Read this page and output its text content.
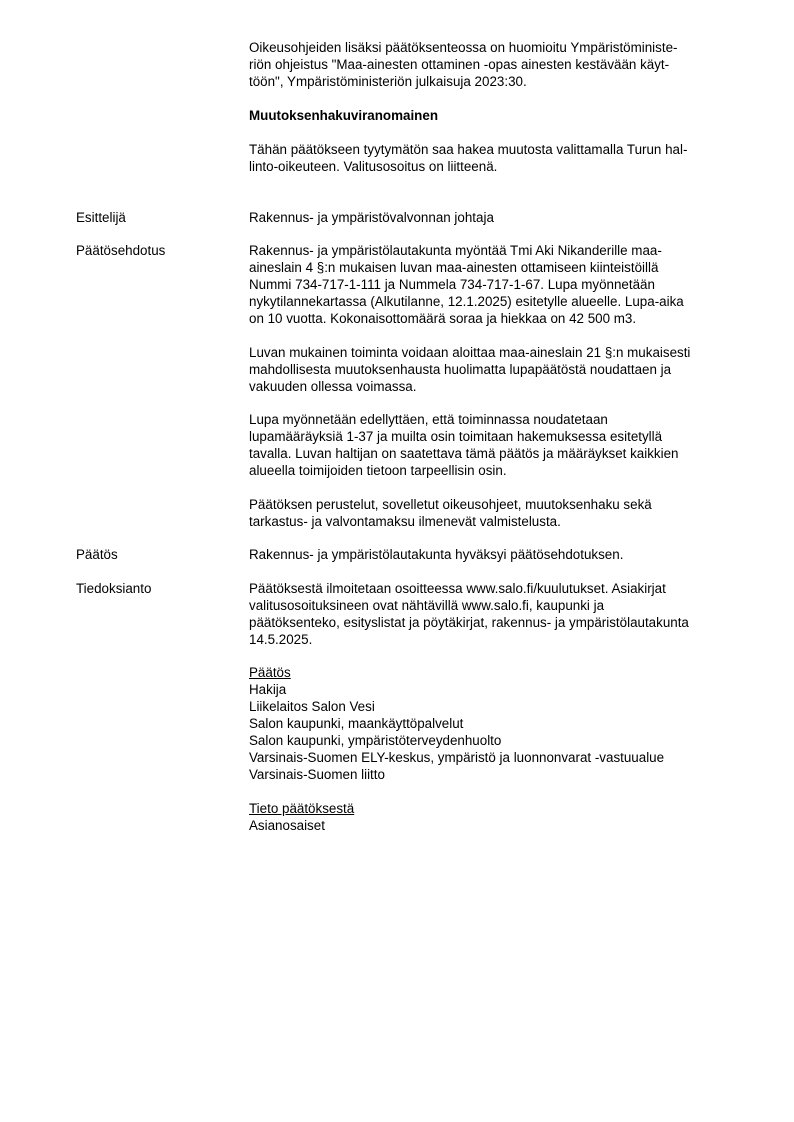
Oikeusohjeiden lisäksi päätöksenteossa on huomioitu Ympäristöministe-
riön ohjeistus "Maa-ainesten ottaminen -opas ainesten kestävään käyt-
töön", Ympäristöministeriön julkaisuja 2023:30.
Muutoksenhakuviranomainen
Tähän päätökseen tyytymätön saa hakea muutosta valittamalla Turun hal-
linto-oikeuteen. Valitusosoitus on liitteenä.
Esittelijä	Rakennus- ja ympäristövalvonnan johtaja
Päätösehdotus	Rakennus- ja ympäristölautakunta myöntää Tmi Aki Nikanderille maa-
aineslain 4 §:n mukaisen luvan maa-ainesten ottamiseen kiinteistöillä
Nummi 734-717-1-111 ja Nummela 734-717-1-67. Lupa myönnetään
nykytilannekartassa (Alkutilanne, 12.1.2025) esitetylle alueelle. Lupa-aika
on 10 vuotta. Kokonaisottomäärä soraa ja hiekkaa on 42 500 m3.
Luvan mukainen toiminta voidaan aloittaa maa-aineslain 21 §:n mukaisesti
mahdollisesta muutoksenhausta huolimatta lupapäätöstä noudattaen ja
vakuuden ollessa voimassa.
Lupa myönnetään edellyttäen, että toiminnassa noudatetaan
lupamääräyksiä 1-37 ja muilta osin toimitaan hakemuksessa esitetyllä
tavalla. Luvan haltijan on saatettava tämä päätös ja määräykset kaikkien
alueella toimijoiden tietoon tarpeellisin osin.
Päätöksen perustelut, sovelletut oikeusohjeet, muutoksenhaku sekä
tarkastus- ja valvontamaksu ilmenevät valmistelusta.
Päätös	Rakennus- ja ympäristölautakunta hyväksyi päätösehdotuksen.
Tiedoksianto	Päätöksestä ilmoitetaan osoitteessa www.salo.fi/kuulutukset. Asiakirjat
valitusosoituksineen ovat nähtävillä www.salo.fi, kaupunki ja
päätöksenteko, esityslistat ja pöytäkirjat, rakennus- ja ympäristölautakunta
14.5.2025.
Päätös
Hakija
Liikelaitos Salon Vesi
Salon kaupunki, maankäyttöpalvelut
Salon kaupunki, ympäristöterveydenhuolto
Varsinais-Suomen ELY-keskus, ympäristö ja luonnonvarat -vastuualue
Varsinais-Suomen liitto
Tieto päätöksestä
Asianosaiset
